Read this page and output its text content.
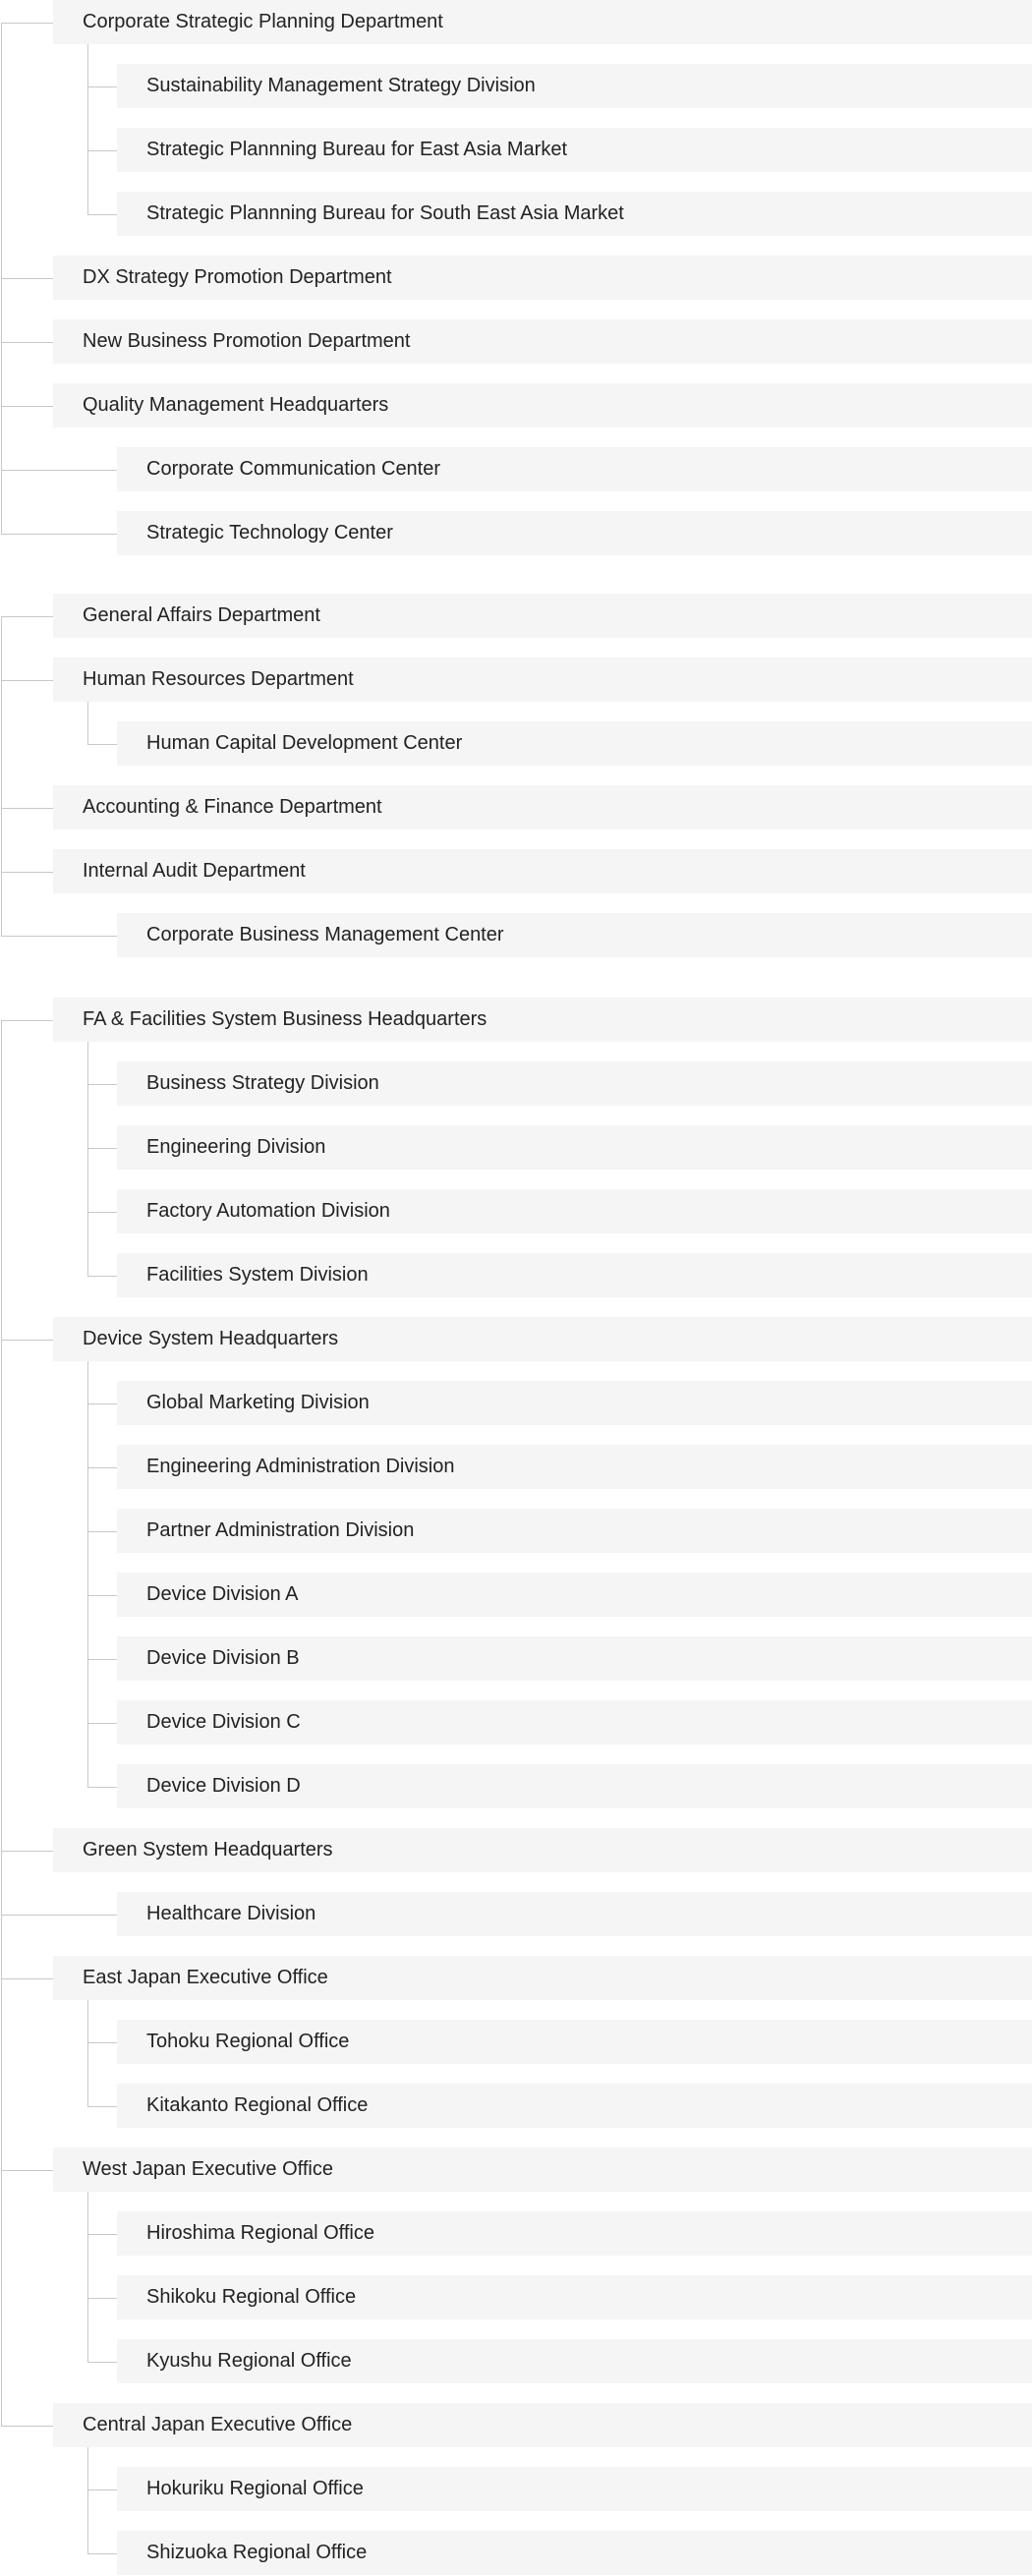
Corporate Strategic Planning Department
Sustainability Management Strategy Division
Strategic Plannning Bureau for East Asia Market
Strategic Plannning Bureau for South East Asia Market
DX Strategy Promotion Department
New Business Promotion Department
Quality Management Headquarters
Corporate Communication Center
Strategic Technology Center
General Affairs Department
Human Resources Department
Human Capital Development Center
Accounting & Finance Department
Internal Audit Department
Corporate Business Management Center
FA & Facilities System Business Headquarters
Business Strategy Division
Engineering Division
Factory Automation Division
Facilities System Division
Device System Headquarters
Global Marketing Division
Engineering Administration Division
Partner Administration Division
Device Division A
Device Division B
Device Division C
Device Division D
Green System Headquarters
Healthcare Division
East Japan Executive Office
Tohoku Regional Office
Kitakanto Regional Office
West Japan Executive Office
Hiroshima Regional Office
Shikoku Regional Office
Kyushu Regional Office
Central Japan Executive Office
Hokuriku Regional Office
Shizuoka Regional Office
